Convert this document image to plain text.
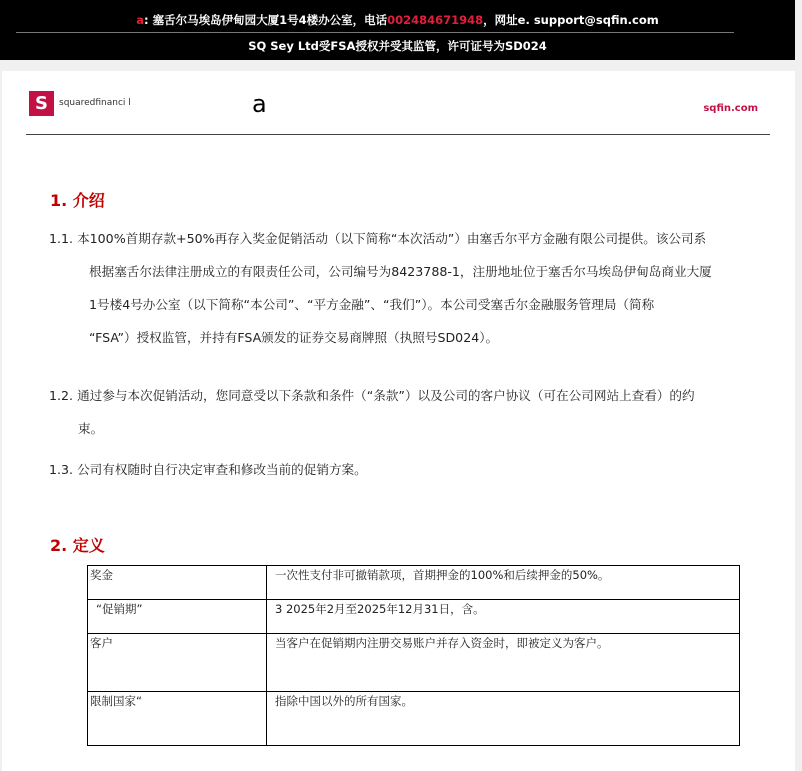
a: 塞舌尔马埃岛伊甸园大厦1号4楼办公室，电话002484671948，网址e. support@sqfin.com
SQ Sey Ltd受FSA授权并受其监管，许可证号为SD024
S	squaredfinanci l	a	sqfin.com
1. 介绍
1.1. 本100%首期存款+50%再存入奖金促销活动（以下简称“本次活动”）由塞舌尔平方金融有限公司提供。该公司系
根据塞舌尔法律注册成立的有限责任公司，公司编号为8423788-1，注册地址位于塞舌尔马埃岛伊甸岛商业大厦
1号楼4号办公室（以下简称“本公司”、“平方金融”、“我们”）。本公司受塞舌尔金融服务管理局（简称
“FSA”）授权监管，并持有FSA颁发的证券交易商牌照（执照号SD024）。
1.2. 通过参与本次促销活动，您同意受以下条款和条件（“条款”）以及公司的客户协议（可在公司网站上查看）的约
束。
1.3. 公司有权随时自行决定审查和修改当前的促销方案。
2. 定义
奖金	一次性支付非可撤销款项，首期押金的100%和后续押金的50%。
“促销期”	3 2025年2月至2025年12月31日，含。
客户	当客户在促销期内注册交易账户并存入资金时，即被定义为客户。
限制国家“	指除中国以外的所有国家。
